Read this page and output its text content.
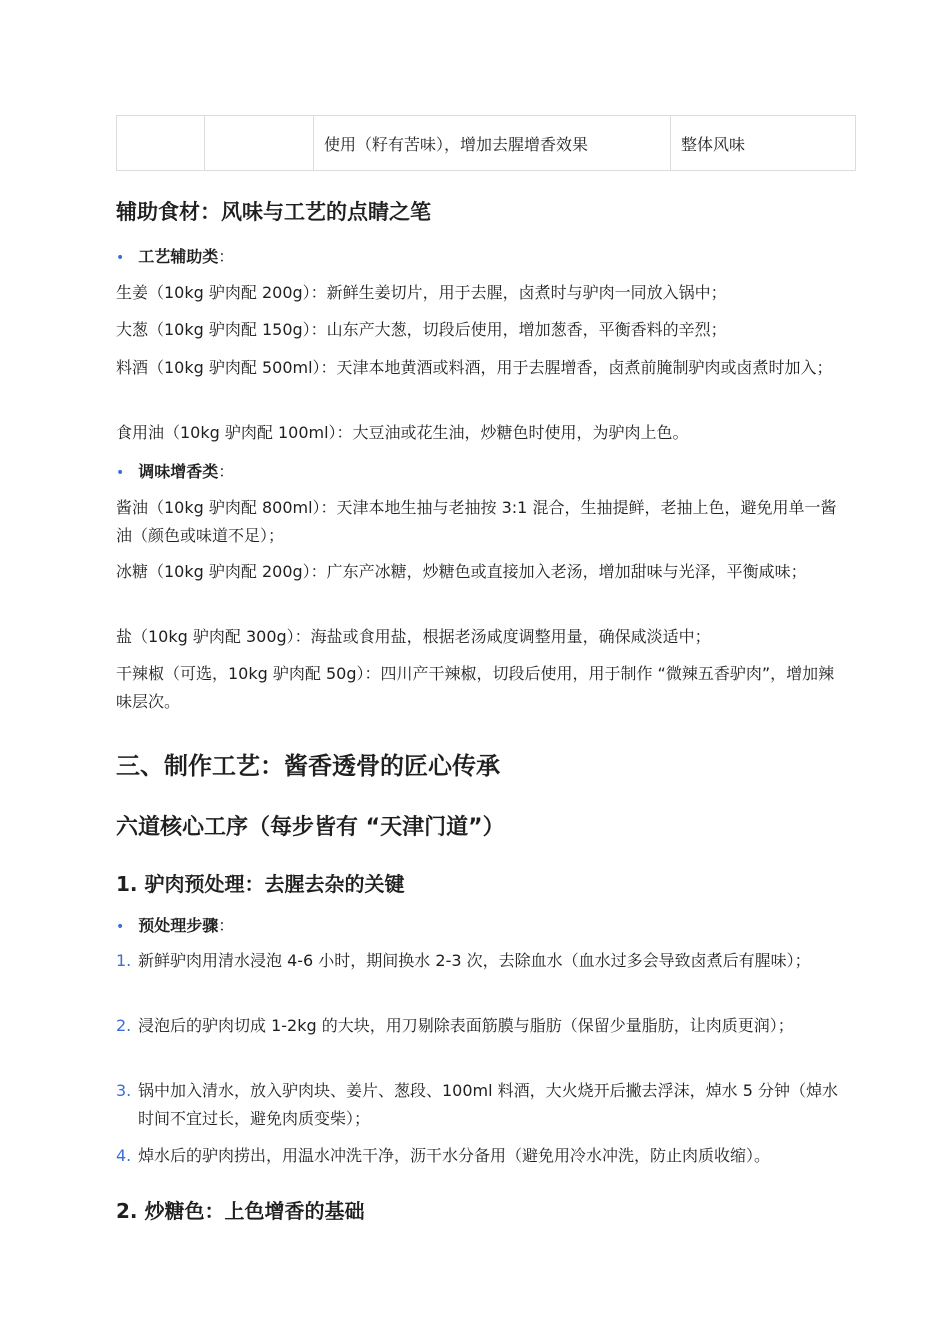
		使用（籽有苦味），增加去腥增香效果	整体风味
辅助食材：风味与工艺的点睛之笔
• 工艺辅助类：

生姜（10kg 驴肉配 200g）：新鲜生姜切片，用于去腥，卤煮时与驴肉一同放入锅中；

大葱（10kg 驴肉配 150g）：山东产大葱，切段后使用，增加葱香，平衡香料的辛烈；

料酒（10kg 驴肉配 500ml）：天津本地黄酒或料酒，用于去腥增香，卤煮前腌制驴肉或卤煮时加入；

食用油（10kg 驴肉配 100ml）：大豆油或花生油，炒糖色时使用，为驴肉上色。

• 调味增香类：

酱油（10kg 驴肉配 800ml）：天津本地生抽与老抽按 3:1 混合，生抽提鲜，老抽上色，避免用单一酱油（颜色或味道不足）；

冰糖（10kg 驴肉配 200g）：广东产冰糖，炒糖色或直接加入老汤，增加甜味与光泽，平衡咸味；

盐（10kg 驴肉配 300g）：海盐或食用盐，根据老汤咸度调整用量，确保咸淡适中；

干辣椒（可选，10kg 驴肉配 50g）：四川产干辣椒，切段后使用，用于制作 “微辣五香驴肉”，增加辣味层次。

三、制作工艺：酱香透骨的匠心传承
六道核心工序（每步皆有 “天津门道”）
1. 驴肉预处理：去腥去杂的关键
• 预处理步骤：
1. 新鲜驴肉用清水浸泡 4-6 小时，期间换水 2-3 次，去除血水（血水过多会导致卤煮后有腥味）；
2. 浸泡后的驴肉切成 1-2kg 的大块，用刀剔除表面筋膜与脂肪（保留少量脂肪，让肉质更润）；
3. 锅中加入清水，放入驴肉块、姜片、葱段、100ml 料酒，大火烧开后撇去浮沫，焯水 5 分钟（焯水时间不宜过长，避免肉质变柴）；
4. 焯水后的驴肉捞出，用温水冲洗干净，沥干水分备用（避免用冷水冲洗，防止肉质收缩）。
2. 炒糖色：上色增香的基础
